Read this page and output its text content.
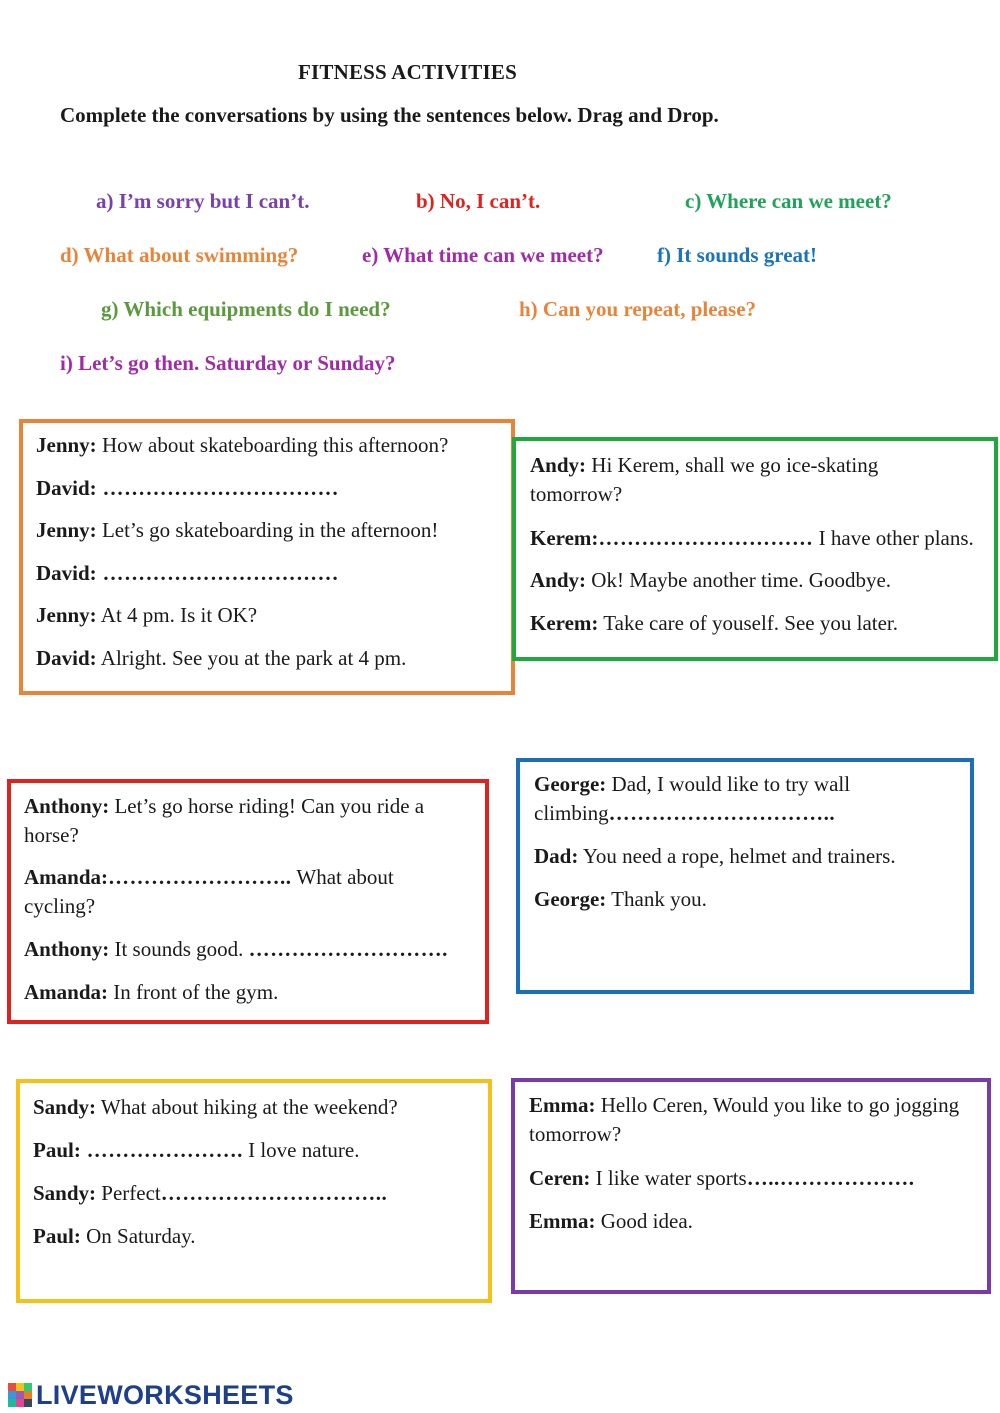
FITNESS ACTIVITIES
Complete the conversations by using the sentences below. Drag and Drop.
a) I’m sorry but I can’t.	b) No, I can’t.	c) Where can we meet?
d) What about swimming?	e) What time can we meet?	f) It sounds great!
g) Which equipments do I need?	h) Can you repeat, please?
i) Let’s go then. Saturday or Sunday?
Jenny: How about skateboarding this afternoon?
David: ……………………………
Jenny: Let’s go skateboarding in the afternoon!
David: ……………………………
Jenny: At 4 pm. Is it OK?
David: Alright. See you at the park at 4 pm.
Andy: Hi Kerem, shall we go ice-skating tomorrow?
Kerem:………………………… I have other plans.
Andy: Ok! Maybe another time. Goodbye.
Kerem: Take care of youself. See you later.
Anthony: Let’s go horse riding! Can you ride a horse?
Amanda:…………………….. What about cycling?
Anthony: It sounds good. ……………………….
Amanda: In front of the gym.
George: Dad, I would like to try wall climbing…………………………..
Dad: You need a rope, helmet and trainers.
George: Thank you.
Sandy: What about hiking at the weekend?
Paul: …………………. I love nature.
Sandy: Perfect…………………………..
Paul: On Saturday.
Emma: Hello Ceren, Would you like to go jogging tomorrow?
Ceren: I like water sports…..……………….
Emma: Good idea.
LIVEWORKSHEETS
